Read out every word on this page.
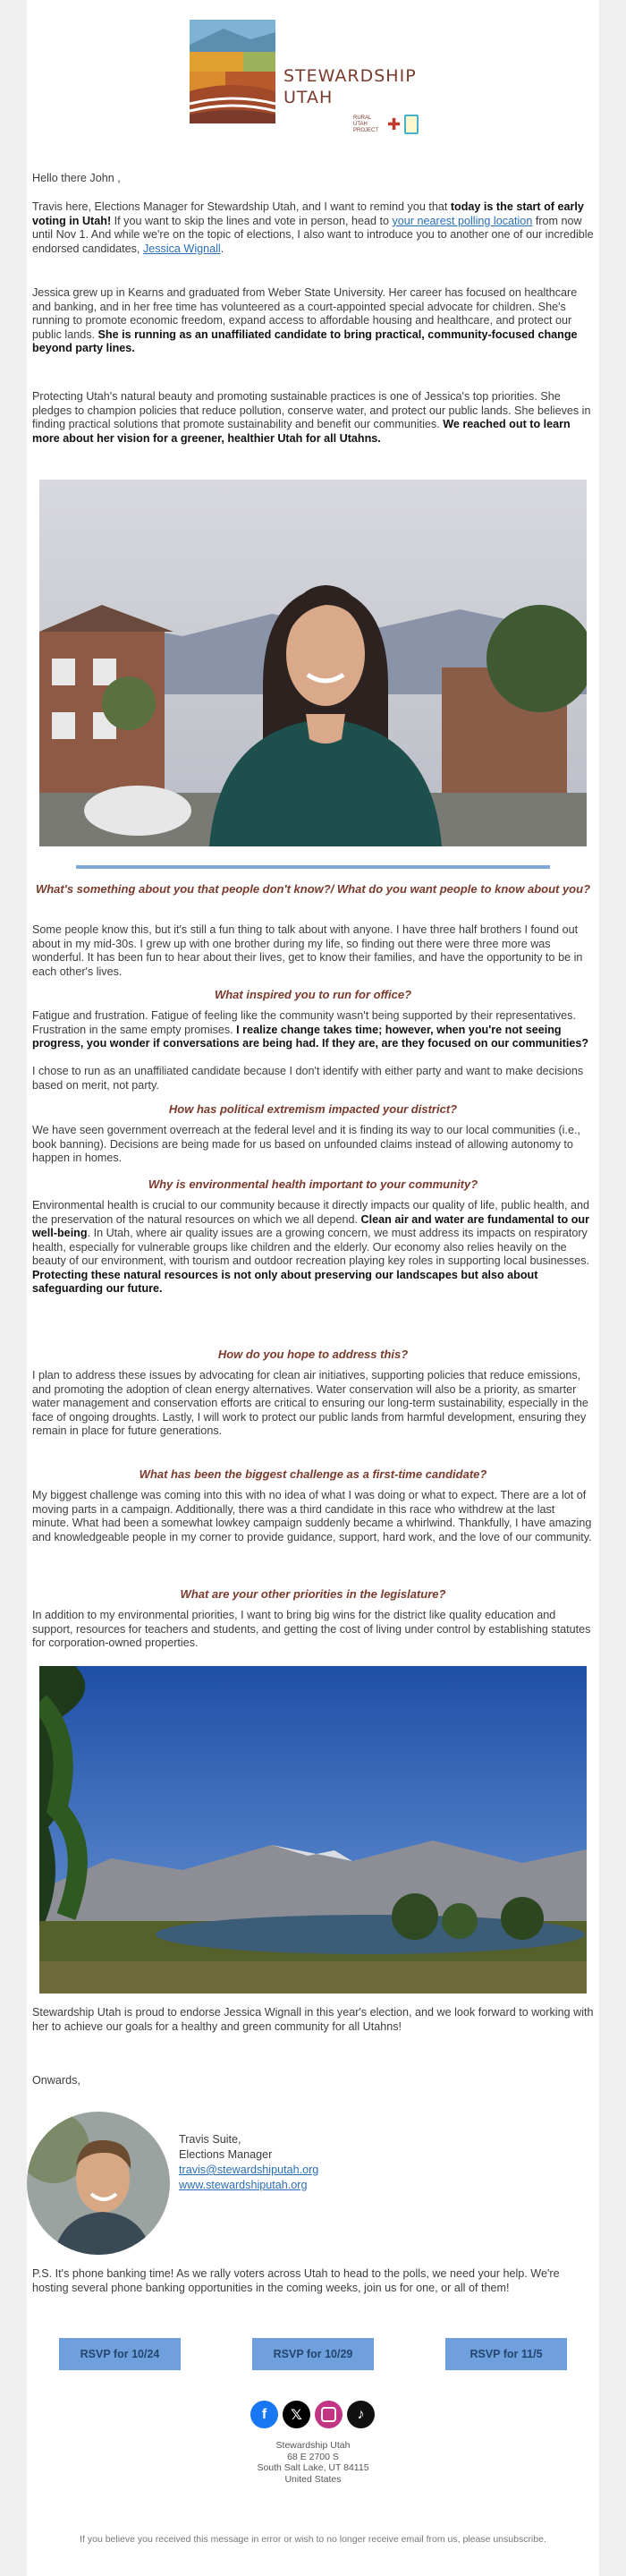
STEWARDSHIP
UTAH
RURAL UTAH PROJECT ✚

Hello there John ,

Travis here, Elections Manager for Stewardship Utah, and I want to remind you that today is the start of early voting in Utah! If you want to skip the lines and vote in person, head to your nearest polling location from now until Nov 1. And while we're on the topic of elections, I also want to introduce you to another one of our incredible endorsed candidates, Jessica Wignall.

Jessica grew up in Kearns and graduated from Weber State University. Her career has focused on healthcare and banking, and in her free time has volunteered as a court-appointed special advocate for children. She's running to promote economic freedom, expand access to affordable housing and healthcare, and protect our public lands. She is running as an unaffiliated candidate to bring practical, community-focused change beyond party lines.

Protecting Utah's natural beauty and promoting sustainable practices is one of Jessica's top priorities. She pledges to champion policies that reduce pollution, conserve water, and protect our public lands. She believes in finding practical solutions that promote sustainability and benefit our communities. We reached out to learn more about her vision for a greener, healthier Utah for all Utahns.

What's something about you that people don't know?/ What do you want people to know about you?

Some people know this, but it's still a fun thing to talk about with anyone. I have three half brothers I found out about in my mid-30s. I grew up with one brother during my life, so finding out there were three more was wonderful. It has been fun to hear about their lives, get to know their families, and have the opportunity to be in each other's lives.

What inspired you to run for office?

Fatigue and frustration. Fatigue of feeling like the community wasn't being supported by their representatives. Frustration in the same empty promises. I realize change takes time; however, when you're not seeing progress, you wonder if conversations are being had. If they are, are they focused on our communities?

I chose to run as an unaffiliated candidate because I don't identify with either party and want to make decisions based on merit, not party.

How has political extremism impacted your district?

We have seen government overreach at the federal level and it is finding its way to our local communities (i.e., book banning). Decisions are being made for us based on unfounded claims instead of allowing autonomy to happen in homes.

Why is environmental health important to your community?

Environmental health is crucial to our community because it directly impacts our quality of life, public health, and the preservation of the natural resources on which we all depend. Clean air and water are fundamental to our well-being. In Utah, where air quality issues are a growing concern, we must address its impacts on respiratory health, especially for vulnerable groups like children and the elderly. Our economy also relies heavily on the beauty of our environment, with tourism and outdoor recreation playing key roles in supporting local businesses. Protecting these natural resources is not only about preserving our landscapes but also about safeguarding our future.

How do you hope to address this?

I plan to address these issues by advocating for clean air initiatives, supporting policies that reduce emissions, and promoting the adoption of clean energy alternatives. Water conservation will also be a priority, as smarter water management and conservation efforts are critical to ensuring our long-term sustainability, especially in the face of ongoing droughts. Lastly, I will work to protect our public lands from harmful development, ensuring they remain in place for future generations.

What has been the biggest challenge as a first-time candidate?

My biggest challenge was coming into this with no idea of what I was doing or what to expect. There are a lot of moving parts in a campaign. Additionally, there was a third candidate in this race who withdrew at the last minute. What had been a somewhat lowkey campaign suddenly became a whirlwind. Thankfully, I have amazing and knowledgeable people in my corner to provide guidance, support, hard work, and the love of our community.

What are your other priorities in the legislature?

In addition to my environmental priorities, I want to bring big wins for the district like quality education and support, resources for teachers and students, and getting the cost of living under control by establishing statutes for corporation-owned properties.

Stewardship Utah is proud to endorse Jessica Wignall in this year's election, and we look forward to working with her to achieve our goals for a healthy and green community for all Utahns!

Onwards,

Travis Suite,

Elections Manager

travis@stewardshiputah.org

www.stewardshiputah.org

P.S. It's phone banking time! As we rally voters across Utah to head to the polls, we need your help. We're hosting several phone banking opportunities in the coming weeks, join us for one, or all of them!

RSVP for 10/24	RSVP for 10/29	RSVP for 11/5
f	𝕏	♪
Stewardship Utah
68 E 2700 S
South Salt Lake, UT 84115
United States
If you believe you received this message in error or wish to no longer receive email from us, please unsubscribe.
